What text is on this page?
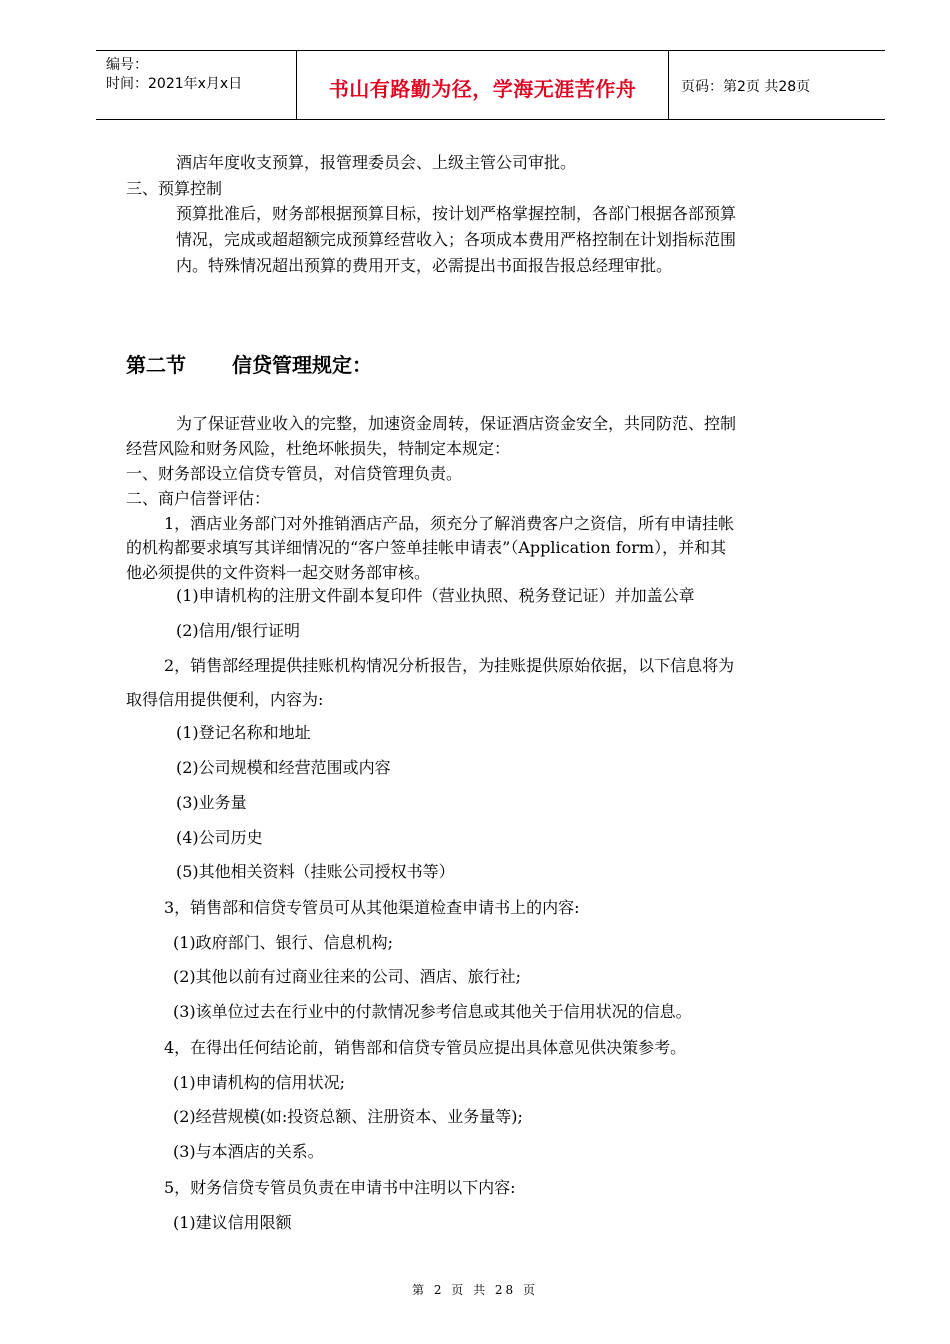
编号：
时间：2021年x月x日	书山有路勤为径，学海无涯苦作舟	页码：第2页 共28页
酒店年度收支预算，报管理委员会、上级主管公司审批。
三、预算控制
预算批准后，财务部根据预算目标，按计划严格掌握控制，各部门根据各部预算
情况，完成或超超额完成预算经营收入；各项成本费用严格控制在计划指标范围
内。特殊情况超出预算的费用开支，必需提出书面报告报总经理审批。
第二节 信贷管理规定：
为了保证营业收入的完整，加速资金周转，保证酒店资金安全，共同防范、控制
经营风险和财务风险，杜绝坏帐损失，特制定本规定：
一、财务部设立信贷专管员，对信贷管理负责。
二、商户信誉评估：
1，酒店业务部门对外推销酒店产品，须充分了解消费客户之资信，所有申请挂帐
的机构都要求填写其详细情况的“客户签单挂帐申请表”（Application form），并和其
他必须提供的文件资料一起交财务部审核。
(1)申请机构的注册文件副本复印件（营业执照、税务登记证）并加盖公章
(2)信用/银行证明
2，销售部经理提供挂账机构情况分析报告，为挂账提供原始依据，以下信息将为
取得信用提供便利，内容为:
(1)登记名称和地址
(2)公司规模和经营范围或内容
(3)业务量
(4)公司历史
(5)其他相关资料（挂账公司授权书等）
3，销售部和信贷专管员可从其他渠道检查申请书上的内容:
(1)政府部门、银行、信息机构;
(2)其他以前有过商业往来的公司、酒店、旅行社;
(3)该单位过去在行业中的付款情况参考信息或其他关于信用状况的信息。
4，在得出任何结论前，销售部和信贷专管员应提出具体意见供决策参考。
(1)申请机构的信用状况;
(2)经营规模(如:投资总额、注册资本、业务量等);
(3)与本酒店的关系。
5，财务信贷专管员负责在申请书中注明以下内容:
(1)建议信用限额
第 2 页 共 28 页
